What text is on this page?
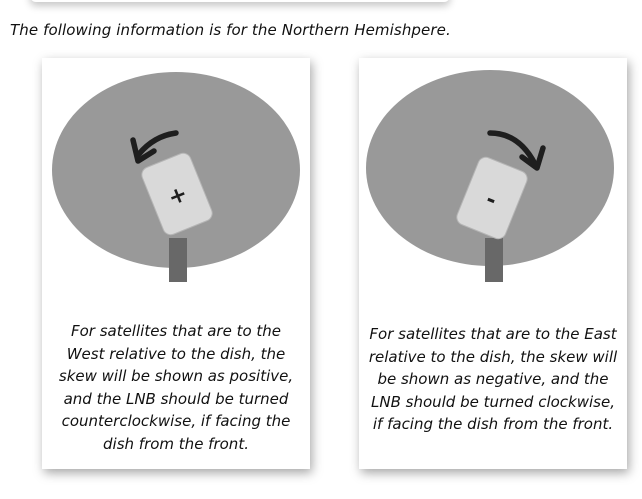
The following information is for the Northern Hemishpere.

+

For satellites that are to the West relative to the dish, the skew will be shown as positive, and the LNB should be turned counterclockwise, if facing the dish from the front.

-

For satellites that are to the East relative to the dish, the skew will be shown as negative, and the LNB should be turned clockwise, if facing the dish from the front.
